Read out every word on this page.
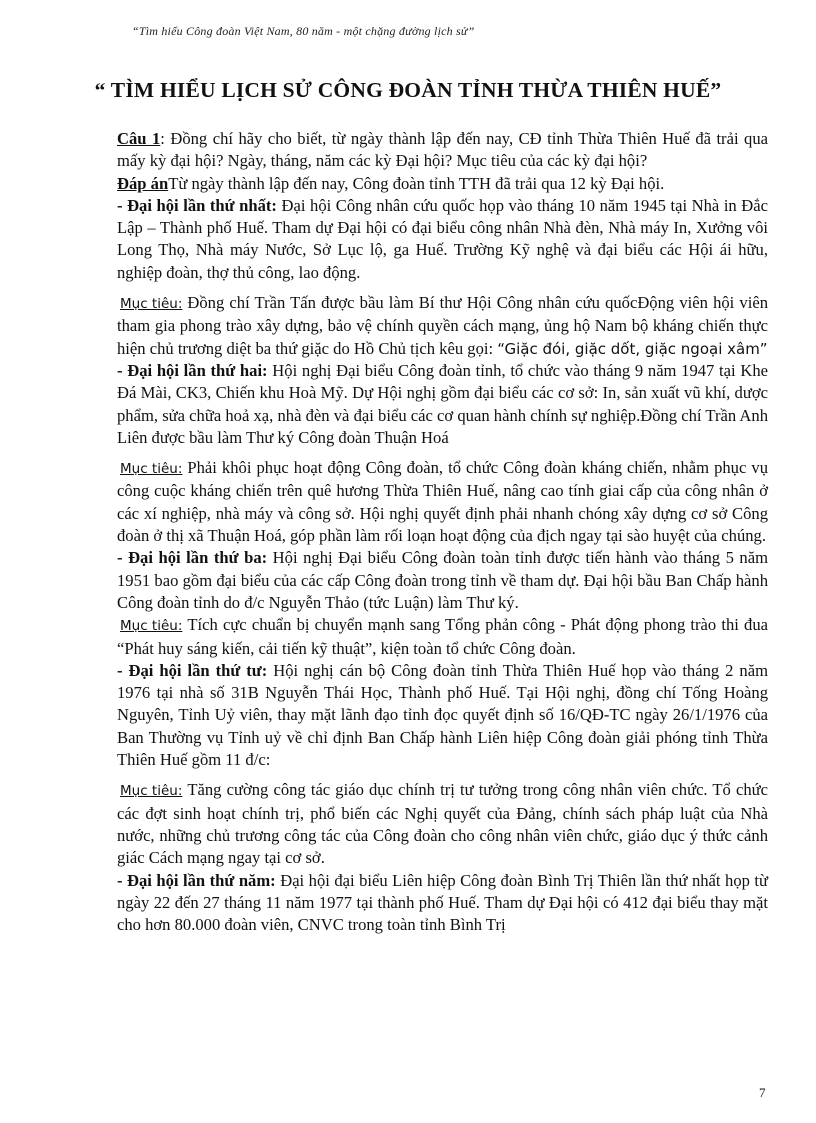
“Tìm hiểu Công đoàn Việt Nam, 80 năm - một chặng đường lịch sử”
“ TÌM HIỂU LỊCH SỬ CÔNG ĐOÀN TỈNH THỪA THIÊN HUẾ”

Câu 1: Đồng chí hãy cho biết, từ ngày thành lập đến nay, CĐ tỉnh Thừa Thiên Huế đã trải qua mấy kỳ đại hội? Ngày, tháng, năm các kỳ Đại hội? Mục tiêu của các kỳ đại hội?

Đáp ánTừ ngày thành lập đến nay, Công đoàn tỉnh TTH đã trải qua 12 kỳ Đại hội.

- Đại hội lần thứ nhất: Đại hội Công nhân cứu quốc họp vào tháng 10 năm 1945 tại Nhà in Đắc Lập – Thành phố Huế. Tham dự Đại hội có đại biểu công nhân Nhà đèn, Nhà máy In, Xưởng vôi Long Thọ, Nhà máy Nước, Sở Lục lộ, ga Huế. Trường Kỹ nghệ và đại biểu các Hội ái hữu, nghiệp đoàn, thợ thủ công, lao động.

Mục tiêu: Đồng chí Trần Tấn được bầu làm Bí thư Hội Công nhân cứu quốcĐộng viên hội viên tham gia phong trào xây dựng, bảo vệ chính quyền cách mạng, ủng hộ Nam bộ kháng chiến thực hiện chủ trương diệt ba thứ giặc do Hồ Chủ tịch kêu gọi: “Giặc đói, giặc dốt, giặc ngoại xâm”

- Đại hội lần thứ hai: Hội nghị Đại biểu Công đoàn tỉnh, tổ chức vào tháng 9 năm 1947 tại Khe Đá Mài, CK3, Chiến khu Hoà Mỹ. Dự Hội nghị gồm đại biểu các cơ sở: In, sản xuất vũ khí, dược phẩm, sửa chữa hoả xạ, nhà đèn và đại biểu các cơ quan hành chính sự nghiệp.Đồng chí Trần Anh Liên được bầu làm Thư ký Công đoàn Thuận Hoá

Mục tiêu: Phải khôi phục hoạt động Công đoàn, tổ chức Công đoàn kháng chiến, nhằm phục vụ công cuộc kháng chiến trên quê hương Thừa Thiên Huế, nâng cao tính giai cấp của công nhân ở các xí nghiệp, nhà máy và công sở. Hội nghị quyết định phải nhanh chóng xây dựng cơ sở Công đoàn ở thị xã Thuận Hoá, góp phần làm rối loạn hoạt động của địch ngay tại sào huyệt của chúng.

- Đại hội lần thứ ba: Hội nghị Đại biểu Công đoàn toàn tỉnh được tiến hành vào tháng 5 năm 1951 bao gồm đại biểu của các cấp Công đoàn trong tỉnh về tham dự. Đại hội bầu Ban Chấp hành Công đoàn tỉnh do đ/c Nguyễn Thảo (tức Luận) làm Thư ký.

Mục tiêu: Tích cực chuẩn bị chuyển mạnh sang Tổng phản công - Phát động phong trào thi đua “Phát huy sáng kiến, cải tiến kỹ thuật”, kiện toàn tổ chức Công đoàn.

- Đại hội lần thứ tư: Hội nghị cán bộ Công đoàn tỉnh Thừa Thiên Huế họp vào tháng 2 năm 1976 tại nhà số 31B Nguyễn Thái Học, Thành phố Huế. Tại Hội nghị, đồng chí Tống Hoàng Nguyên, Tỉnh Uỷ viên, thay mặt lãnh đạo tỉnh đọc quyết định số 16/QĐ-TC ngày 26/1/1976 của Ban Thường vụ Tỉnh uỷ về chỉ định Ban Chấp hành Liên hiệp Công đoàn giải phóng tỉnh Thừa Thiên Huế gồm 11 đ/c:

Mục tiêu: Tăng cường công tác giáo dục chính trị tư tưởng trong công nhân viên chức. Tổ chức các đợt sinh hoạt chính trị, phổ biến các Nghị quyết của Đảng, chính sách pháp luật của Nhà nước, những chủ trương công tác của Công đoàn cho công nhân viên chức, giáo dục ý thức cảnh giác Cách mạng ngay tại cơ sở.

- Đại hội lần thứ năm: Đại hội đại biểu Liên hiệp Công đoàn Bình Trị Thiên lần thứ nhất họp từ ngày 22 đến 27 tháng 11 năm 1977 tại thành phố Huế. Tham dự Đại hội có 412 đại biểu thay mặt cho hơn 80.000 đoàn viên, CNVC trong toàn tỉnh Bình Trị

7
